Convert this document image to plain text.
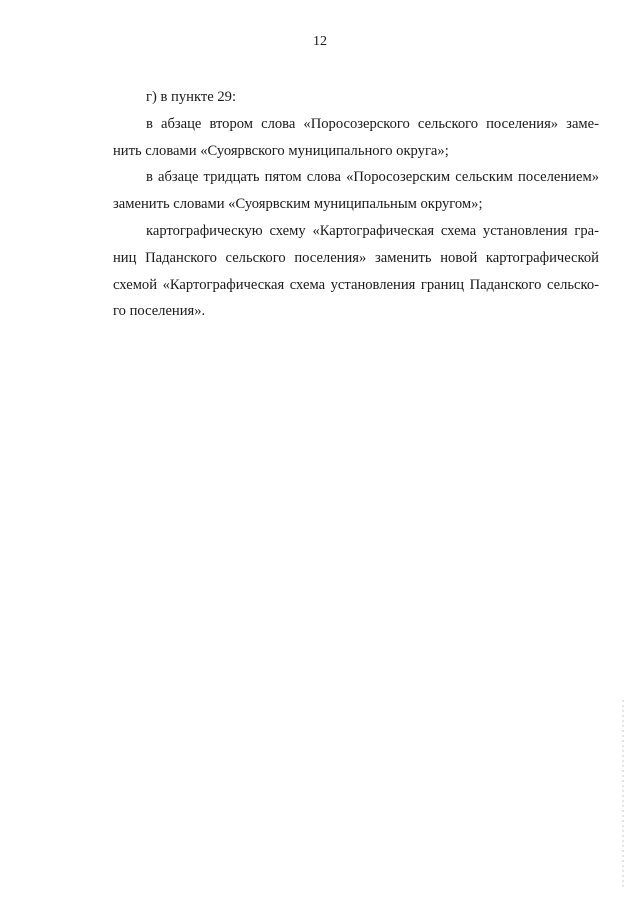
12

г) в пункте 29:

в абзаце втором слова «Поросозерского сельского поселения» заме-
нить словами «Суоярвского муниципального округа»;

в абзаце тридцать пятом слова «Поросозерским сельским поселением»
заменить словами «Суоярвским муниципальным округом»;

картографическую схему «Картографическая схема установления гра-
ниц Паданского сельского поселения» заменить новой картографической
схемой «Картографическая схема установления границ Паданского сельско-
го поселения».
